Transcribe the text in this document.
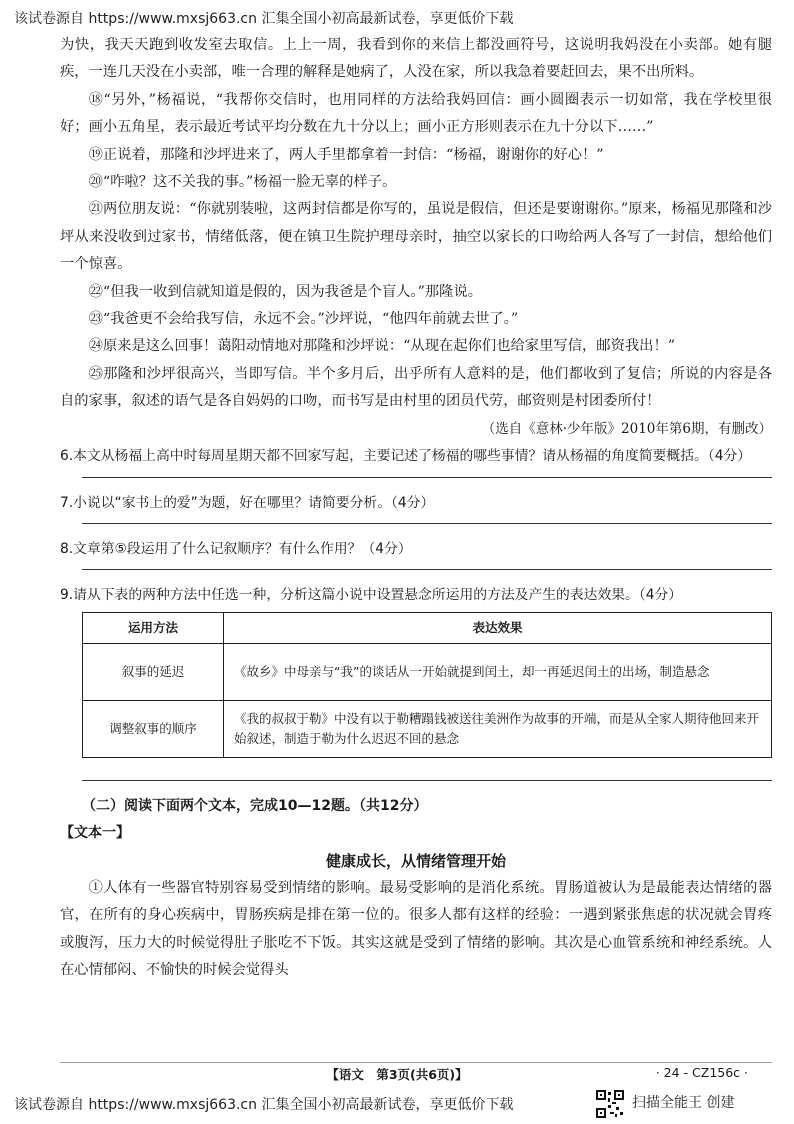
该试卷源自 https://www.mxsj663.cn 汇集全国小初高最新试卷，享更低价下载

为快，我天天跑到收发室去取信。上上一周，我看到你的来信上都没画符号，这说明我妈没在小卖部。她有腿疾，一连几天没在小卖部，唯一合理的解释是她病了，人没在家，所以我急着要赶回去，果不出所料。

⑱“另外，”杨福说，“我帮你交信时，也用同样的方法给我妈回信：画小圆圈表示一切如常，我在学校里很好；画小五角星，表示最近考试平均分数在九十分以上；画小正方形则表示在九十分以下……”

⑲正说着，那隆和沙坪进来了，两人手里都拿着一封信：“杨福，谢谢你的好心！”

⑳“咋啦？这不关我的事。”杨福一脸无辜的样子。

㉑两位朋友说：“你就别装啦，这两封信都是你写的，虽说是假信，但还是要谢谢你。”原来，杨福见那隆和沙坪从来没收到过家书，情绪低落，便在镇卫生院护理母亲时，抽空以家长的口吻给两人各写了一封信，想给他们一个惊喜。

㉒“但我一收到信就知道是假的，因为我爸是个盲人。”那隆说。

㉓“我爸更不会给我写信，永远不会。”沙坪说，“他四年前就去世了。”

㉔原来是这么回事！蔼阳动情地对那隆和沙坪说：“从现在起你们也给家里写信，邮资我出！”

㉕那隆和沙坪很高兴，当即写信。半个多月后，出乎所有人意料的是，他们都收到了复信；所说的内容是各自的家事，叙述的语气是各自妈妈的口吻，而书写是由村里的团员代劳，邮资则是村团委所付！

（选自《意林·少年版》2010年第6期，有删改）

6.本文从杨福上高中时每周星期天都不回家写起，主要记述了杨福的哪些事情？请从杨福的角度简要概括。（4分）

7.小说以“家书上的爱”为题，好在哪里？请简要分析。（4分）

8.文章第⑤段运用了什么记叙顺序？有什么作用？（4分）

9.请从下表的两种方法中任选一种，分析这篇小说中设置悬念所运用的方法及产生的表达效果。（4分）

运用方法	表达效果
叙事的延迟	《故乡》中母亲与“我”的谈话从一开始就提到闰土，却一再延迟闰土的出场，制造悬念
调整叙事的顺序	《我的叔叔于勒》中没有以于勒糟蹋钱被送往美洲作为故事的开端，而是从全家人期待他回来开始叙述，制造于勒为什么迟迟不回的悬念

（二）阅读下面两个文本，完成10—12题。（共12分）

【文本一】

健康成长，从情绪管理开始

①人体有一些器官特别容易受到情绪的影响。最易受影响的是消化系统。胃肠道被认为是最能表达情绪的器官，在所有的身心疾病中，胃肠疾病是排在第一位的。很多人都有这样的经验：一遇到紧张焦虑的状况就会胃疼或腹泻，压力大的时候觉得肚子胀吃不下饭。其实这就是受到了情绪的影响。其次是心血管系统和神经系统。人在心情郁闷、不愉快的时候会觉得头

【语文　第3页(共6页)】	· 24 - CZ156c ·
该试卷源自 https://www.mxsj663.cn 汇集全国小初高最新试卷，享更低价下载	扫描全能王 创建
